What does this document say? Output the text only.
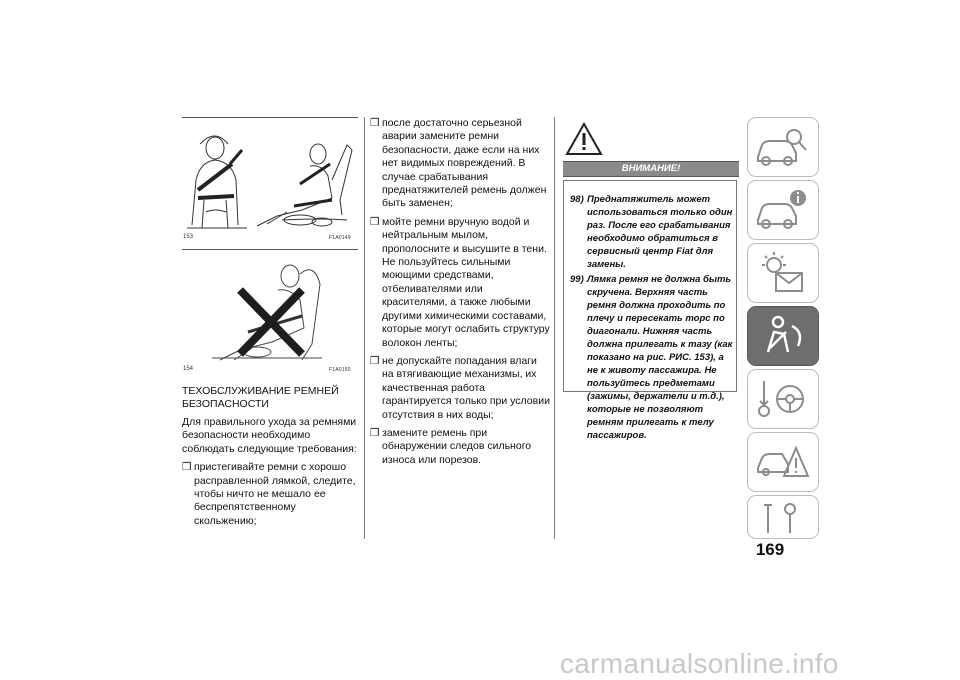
153	F1A0149
154	F1A0150
ТЕХОБСЛУЖИВАНИЕ РЕМНЕЙ
БЕЗОПАСНОСТИ
Для правильного ухода за ремнями безопасности необходимо соблюдать следующие требования:
❒ пристегивайте ремни с хорошо расправленной лямкой, следите, чтобы ничто не мешало ее беспрепятственному скольжению;
❒ после достаточно серьезной аварии замените ремни безопасности, даже если на них нет видимых повреждений. В случае срабатывания преднатяжителей ремень должен быть заменен;
❒ мойте ремни вручную водой и нейтральным мылом, прополосните и высушите в тени. Не пользуйтесь сильными моющими средствами, отбеливателями или красителями, а также любыми другими химическими составами, которые могут ослабить структуру волокон ленты;
❒ не допускайте попадания влаги на втягивающие механизмы, их качественная работа гарантируется только при условии отсутствия в них воды;
❒ замените ремень при обнаружении следов сильного износа или порезов.
ВНИМАНИЕ!
98) Преднатяжитель может использоваться только один раз. После его срабатывания необходимо обратиться в сервисный центр Fiat для замены.
99) Лямка ремня не должна быть скручена. Верхняя часть ремня должна проходить по плечу и пересекать торс по диагонали. Нижняя часть должна прилегать к тазу (как показано на рис. РИС. 153), а не к животу пассажира. Не пользуйтесь предметами (зажимы, держатели и т.д.), которые не позволяют ремням прилегать к телу пассажиров.
169
carmanualsonline.info
